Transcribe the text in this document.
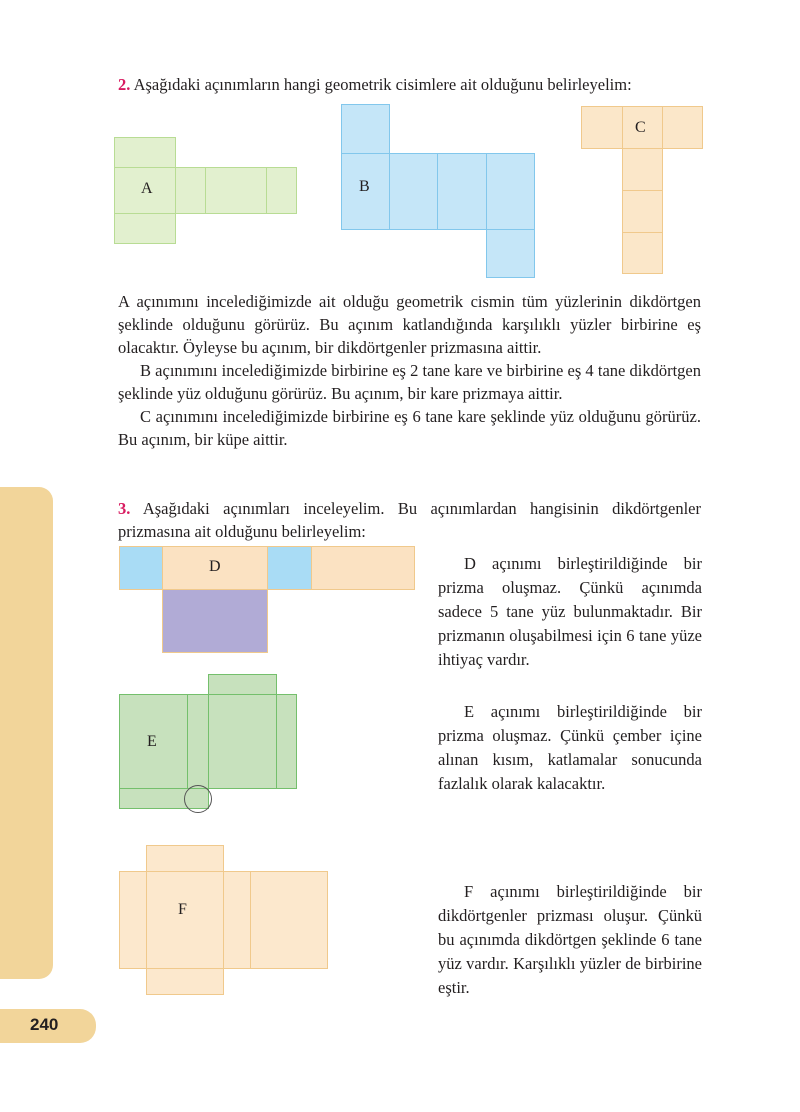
240
2. Aşağıdaki açınımların hangi geometrik cisimlere ait olduğunu belirleyelim:
A	B
C
A açınımını incelediğimizde ait olduğu geometrik cismin tüm yüzlerinin dikdörtgen şeklinde olduğunu görürüz. Bu açınım katlandığında karşılıklı yüzler birbirine eş olacaktır. Öyleyse bu açınım, bir dikdörtgenler prizmasına aittir.
B açınımını incelediğimizde birbirine eş 2 tane kare ve birbirine eş 4 tane dikdörtgen şeklinde yüz olduğunu görürüz. Bu açınım, bir kare prizmaya aittir.
C açınımını incelediğimizde birbirine eş 6 tane kare şeklinde yüz olduğunu görürüz. Bu açınım, bir küpe aittir.
3. Aşağıdaki açınımları inceleyelim. Bu açınımlardan hangisinin dikdörtgenler prizmasına ait olduğunu belirleyelim:
D	D açınımı birleştirildiğinde bir prizma oluşmaz. Çünkü açınımda sadece 5 tane yüz bulunmaktadır. Bir prizmanın oluşabilmesi için 6 tane yüze ihtiyaç vardır.
E
E açınımı birleştirildiğinde bir prizma oluşmaz. Çünkü çember içine alınan kısım, katlamalar sonucunda fazlalık olarak kalacaktır.
F
F açınımı birleştirildiğinde bir dikdörtgenler prizması oluşur. Çünkü bu açınımda dikdörtgen şeklinde 6 tane yüz vardır. Karşılıklı yüzler de birbirine eştir.
